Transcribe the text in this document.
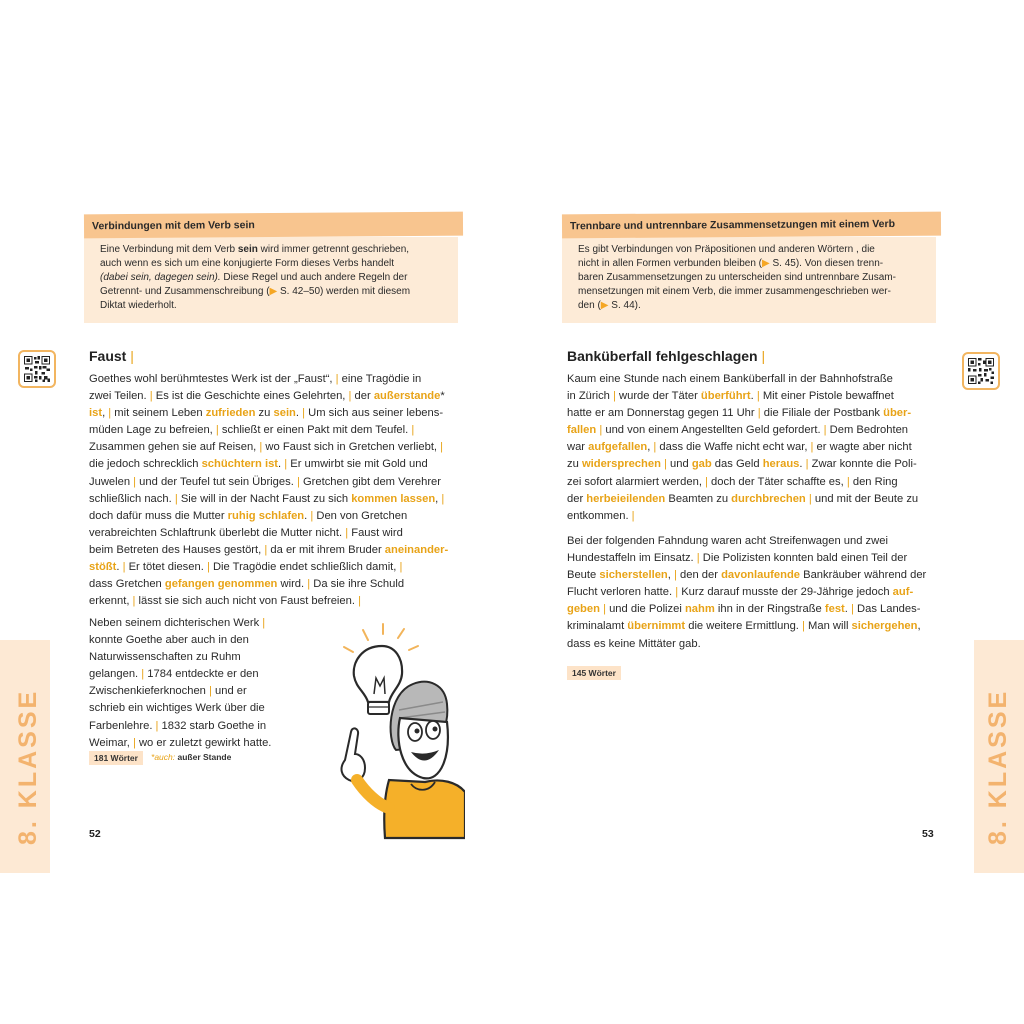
Verbindungen mit dem Verb sein
Eine Verbindung mit dem Verb sein wird immer getrennt geschrieben,
auch wenn es sich um eine konjugierte Form dieses Verbs handelt
(dabei sein, dagegen sein). Diese Regel und auch andere Regeln der
Getrennt- und Zusammenschreibung (▶ S. 42–50) werden mit diesem
Diktat wiederholt.
Faust |
Goethes wohl berühmtestes Werk ist der „Faust“, | eine Tragödie in
zwei Teilen. | Es ist die Geschichte eines Gelehrten, | der außerstande*
ist, | mit seinem Leben zufrieden zu sein. | Um sich aus seiner lebens-
müden Lage zu befreien, | schließt er einen Pakt mit dem Teufel. |
Zusammen gehen sie auf Reisen, | wo Faust sich in Gretchen verliebt, |
die jedoch schrecklich schüchtern ist. | Er umwirbt sie mit Gold und
Juwelen | und der Teufel tut sein Übriges. | Gretchen gibt dem Verehrer
schließlich nach. | Sie will in der Nacht Faust zu sich kommen lassen, |
doch dafür muss die Mutter ruhig schlafen. | Den von Gretchen
verabreichten Schlaftrunk überlebt die Mutter nicht. | Faust wird
beim Betreten des Hauses gestört, | da er mit ihrem Bruder aneinander-
stößt. | Er tötet diesen. | Die Tragödie endet schließlich damit, |
dass Gretchen gefangen genommen wird. | Da sie ihre Schuld
erkennt, | lässt sie sich auch nicht von Faust befreien. |
Neben seinem dichterischen Werk |
konnte Goethe aber auch in den
Naturwissenschaften zu Ruhm
gelangen. | 1784 entdeckte er den
Zwischenkieferknochen | und er
schrieb ein wichtiges Werk über die
Farbenlehre. | 1832 starb Goethe in
Weimar, | wo er zuletzt gewirkt hatte.
181 Wörter	*auch: außer Stande
52
8. KLASSE
Trennbare und untrennbare Zusammensetzungen mit einem Verb
Es gibt Verbindungen von Präpositionen und anderen Wörtern , die
nicht in allen Formen verbunden bleiben (▶ S. 45). Von diesen trenn-
baren Zusammensetzungen zu unterscheiden sind untrennbare Zusam-
mensetzungen mit einem Verb, die immer zusammengeschrieben wer-
den (▶ S. 44).
Banküberfall fehlgeschlagen |
Kaum eine Stunde nach einem Banküberfall in der Bahnhofstraße
in Zürich | wurde der Täter überführt. | Mit einer Pistole bewaffnet
hatte er am Donnerstag gegen 11 Uhr | die Filiale der Postbank über-
fallen | und von einem Angestellten Geld gefordert. | Dem Bedrohten
war aufgefallen, | dass die Waffe nicht echt war, | er wagte aber nicht
zu widersprechen | und gab das Geld heraus. | Zwar konnte die Poli-
zei sofort alarmiert werden, | doch der Täter schaffte es, | den Ring
der herbeieilenden Beamten zu durchbrechen | und mit der Beute zu
entkommen. |
Bei der folgenden Fahndung waren acht Streifenwagen und zwei
Hundestaffeln im Einsatz. | Die Polizisten konnten bald einen Teil der
Beute sicherstellen, | den der davonlaufende Bankräuber während der
Flucht verloren hatte. | Kurz darauf musste der 29-Jährige jedoch auf-
geben | und die Polizei nahm ihn in der Ringstraße fest. | Das Landes-
kriminalamt übernimmt die weitere Ermittlung. | Man will sichergehen,
dass es keine Mittäter gab.
145 Wörter
53 8. KLASSE
